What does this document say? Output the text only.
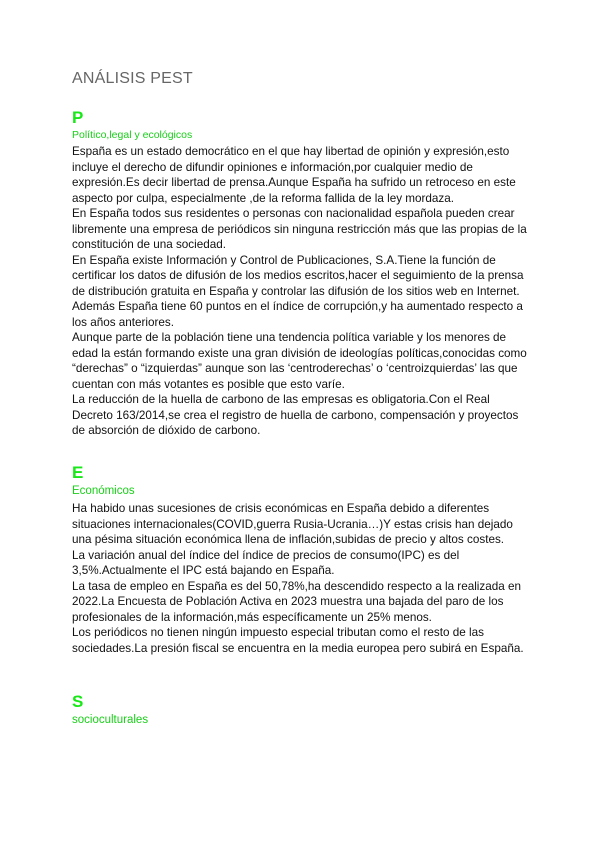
ANÁLISIS PEST
P
Político,legal y ecológicos

España es un estado democrático en el que hay libertad de opinión y expresión,esto incluye el derecho de difundir opiniones e información,por cualquier medio de expresión.Es decir libertad de prensa.Aunque España ha sufrido un retroceso en este aspecto por culpa, especialmente ,de la reforma fallida de la ley mordaza.

En España todos sus residentes o personas con nacionalidad española pueden crear libremente una empresa de periódicos sin ninguna restricción más que las propias de la constitución de una sociedad.

En España existe Información y Control de Publicaciones, S.A.Tiene la función de certificar los datos de difusión de los medios escritos,hacer el seguimiento de la prensa de distribución gratuita en España y controlar las difusión de los sitios web en Internet.

Además España tiene 60 puntos en el índice de corrupción,y ha aumentado respecto a los años anteriores.

Aunque parte de la población tiene una tendencia política variable y los menores de edad la están formando existe una gran división de ideologías políticas,conocidas como “derechas” o “izquierdas” aunque son las ‘centroderechas’ o ‘centroizquierdas’ las que cuentan con más votantes es posible que esto varíe.

La reducción de la huella de carbono de las empresas es obligatoria.Con el Real Decreto 163/2014,se crea el registro de huella de carbono, compensación y proyectos de absorción de dióxido de carbono.

E
Económicos

Ha habido unas sucesiones de crisis económicas en España debido a diferentes situaciones internacionales(COVID,guerra Rusia-Ucrania…)Y estas crisis han dejado una pésima situación económica llena de inflación,subidas de precio y altos costes.

La variación anual del índice del índice de precios de consumo(IPC) es del 3,5%.Actualmente el IPC está bajando en España.

La tasa de empleo en España es del 50,78%,ha descendido respecto a la realizada en 2022.La Encuesta de Población Activa en 2023 muestra una bajada del paro de los profesionales de la información,más específicamente un 25% menos.

Los periódicos no tienen ningún impuesto especial tributan como el resto de las sociedades.La presión fiscal se encuentra en la media europea pero subirá en España.

S
socioculturales
